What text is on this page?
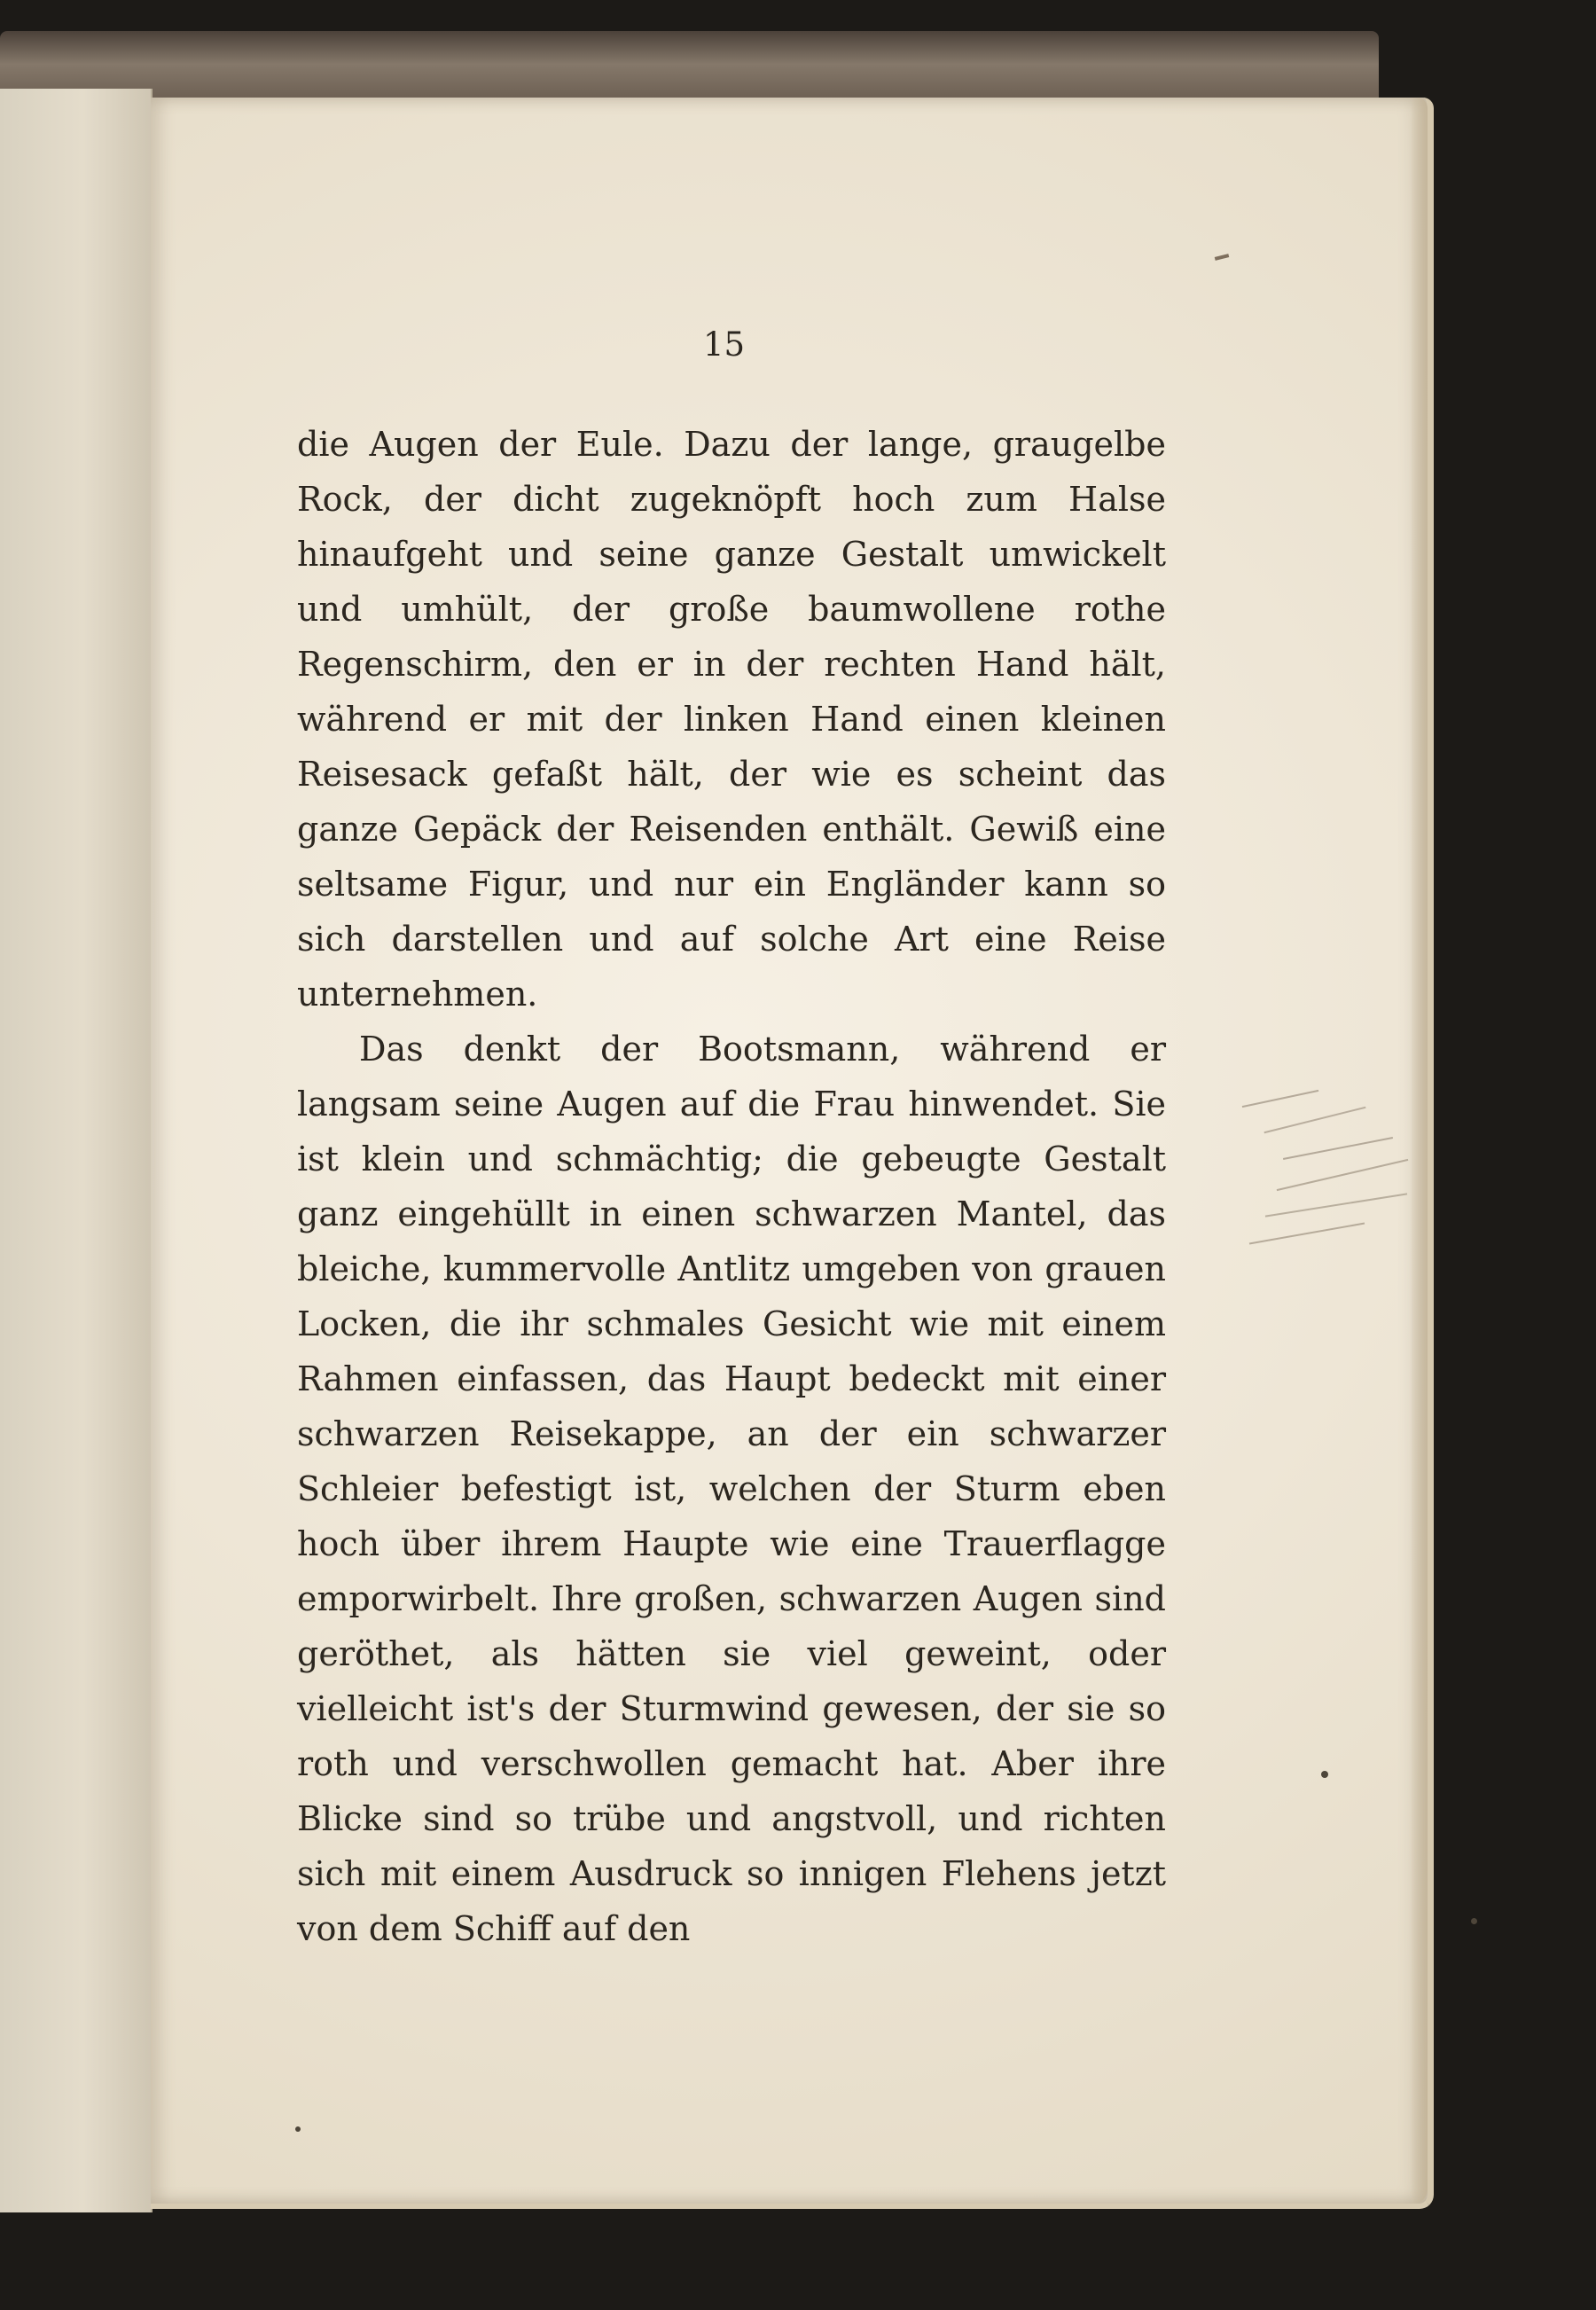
15

die Augen der Eule. Dazu der lange, graugelbe Rock, der dicht zugeknöpft hoch zum Halse hinaufgeht und seine ganze Gestalt umwickelt und umhült, der große baumwollene rothe Regenschirm, den er in der rechten Hand hält, während er mit der linken Hand einen kleinen Reisesack gefaßt hält, der wie es scheint das ganze Gepäck der Reisenden enthält. Gewiß eine seltsame Figur, und nur ein Engländer kann so sich darstellen und auf solche Art eine Reise unternehmen.

Das denkt der Bootsmann, während er langsam seine Augen auf die Frau hinwendet. Sie ist klein und schmächtig; die gebeugte Gestalt ganz eingehüllt in einen schwarzen Mantel, das bleiche, kummervolle Antlitz umgeben von grauen Locken, die ihr schmales Gesicht wie mit einem Rahmen einfassen, das Haupt bedeckt mit einer schwarzen Reisekappe, an der ein schwarzer Schleier befestigt ist, welchen der Sturm eben hoch über ihrem Haupte wie eine Trauerflagge emporwirbelt. Ihre großen, schwarzen Augen sind geröthet, als hätten sie viel geweint, oder vielleicht ist's der Sturmwind gewesen, der sie so roth und verschwollen gemacht hat. Aber ihre Blicke sind so trübe und angstvoll, und richten sich mit einem Ausdruck so innigen Flehens jetzt von dem Schiff auf den
